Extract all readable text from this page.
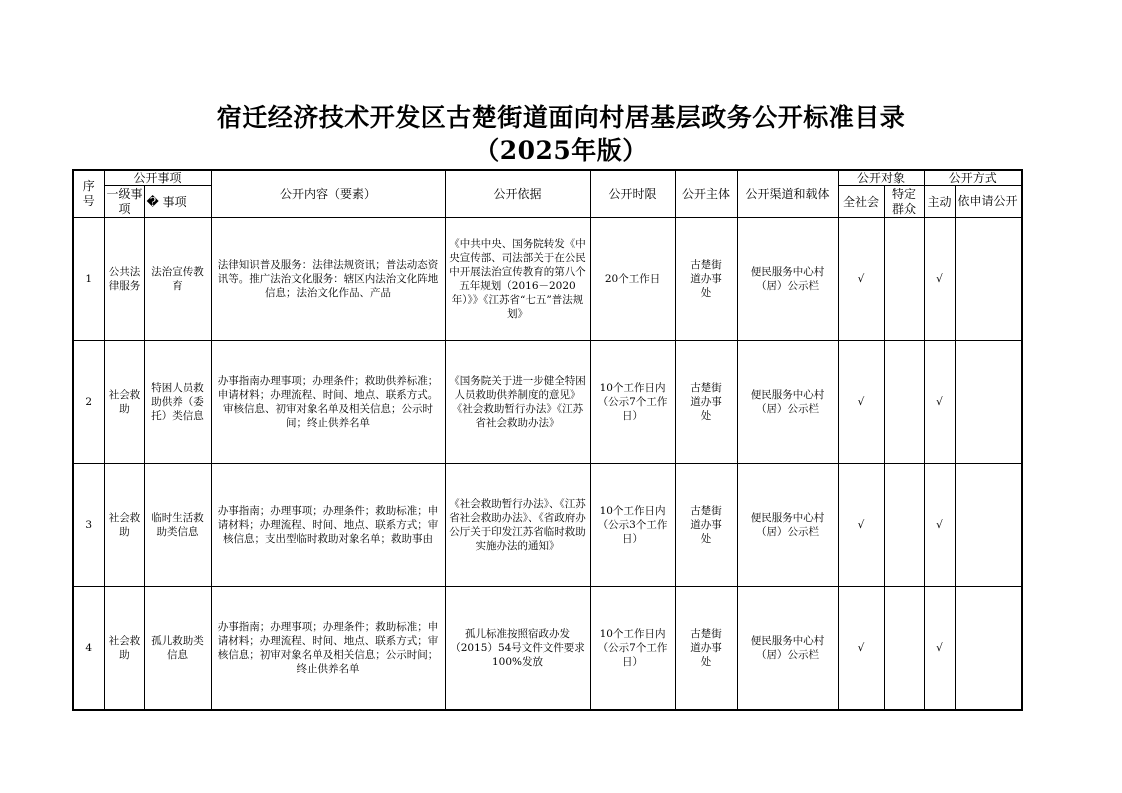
宿迁经济技术开发区古楚街道面向村居基层政务公开标准目录
（2025年版）
序号	公开事项		公开内容（要素）	公开依据	公开时限	公开主体	公开渠道和载体	公开对象		公开方式	
	一级事项	� 事项						全社会	特定群众	主动	依申请公开
1	公共法律服务	法治宣传教育	法律知识普及服务：法律法规资讯；普法动态资讯等。推广法治文化服务：辖区内法治文化阵地信息；法治文化作品、产品	《中共中央、国务院转发《中央宣传部、司法部关于在公民中开展法治宣传教育的第八个五年规划（2016－2020年）》》《江苏省“七五”普法规划》	20个工作日	古楚街道办事处	便民服务中心村（居）公示栏	√		√	
2	社会救助	特困人员救助供养（委托）类信息	办事指南办理事项；办理条件；救助供养标准；申请材料；办理流程、时间、地点、联系方式。 审核信息、初审对象名单及相关信息；公示时间；终止供养名单	《国务院关于进一步健全特困人员救助供养制度的意见》《社会救助暂行办法》《江苏省社会救助办法》	10个工作日内（公示7个工作日）	古楚街道办事处	便民服务中心村（居）公示栏	√		√	
3	社会救助	临时生活救助类信息	办事指南；办理事项；办理条件；救助标准；申请材料；办理流程、时间、地点、联系方式；审核信息；支出型临时救助对象名单；救助事由	《社会救助暂行办法》、《江苏省社会救助办法》、《省政府办公厅关于印发江苏省临时救助实施办法的通知》	10个工作日内（公示3个工作日）	古楚街道办事处	便民服务中心村（居）公示栏	√		√	
4	社会救助	孤儿救助类信息	办事指南；办理事项；办理条件；救助标准；申请材料；办理流程、时间、地点、联系方式；审核信息；初审对象名单及相关信息；公示时间；终止供养名单	孤儿标准按照宿政办发（2015）54号文件文件要求100%发放	10个工作日内（公示7个工作日）	古楚街道办事处	便民服务中心村（居）公示栏	√		√	
